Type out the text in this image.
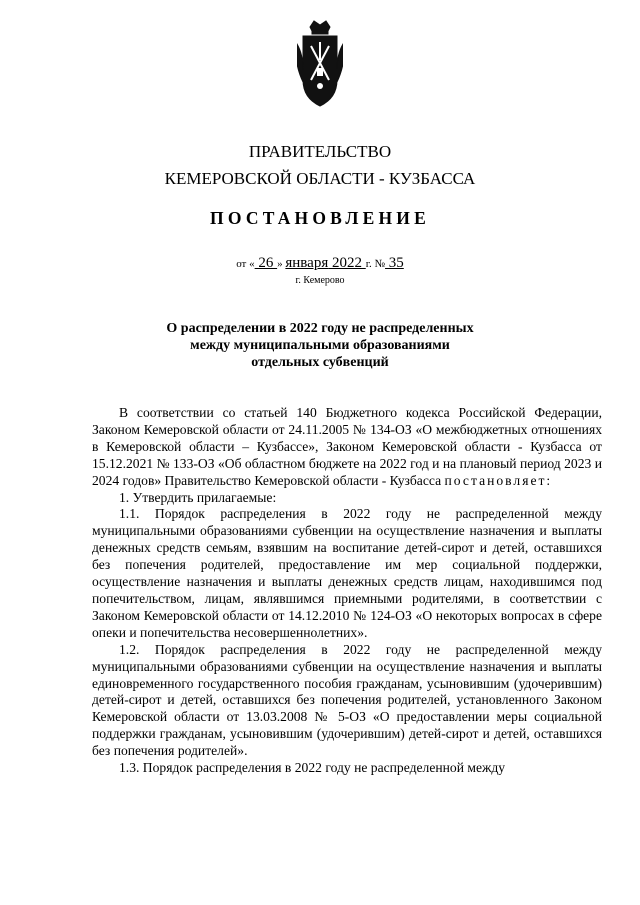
ПРАВИТЕЛЬСТВО
КЕМЕРОВСКОЙ ОБЛАСТИ - КУЗБАССА
ПОСТАНОВЛЕНИЕ
от « 26 » января 2022 г. № 35
г. Кемерово
О распределении в 2022 году не распределенных
между муниципальными образованиями
отдельных субвенций

В соответствии со статьей 140 Бюджетного кодекса Российской Федерации, Законом Кемеровской области от 24.11.2005 № 134-ОЗ «О межбюджетных отношениях в Кемеровской области – Кузбассе», Законом Кемеровской области - Кузбасса от 15.12.2021 № 133-ОЗ «Об областном бюджете на 2022 год и на плановый период 2023 и 2024 годов» Правительство Кемеровской области - Кузбасса постановляет:

1. Утвердить прилагаемые:

1.1. Порядок распределения в 2022 году не распределенной между муниципальными образованиями субвенции на осуществление назначения и выплаты денежных средств семьям, взявшим на воспитание детей-сирот и детей, оставшихся без попечения родителей, предоставление им мер социальной поддержки, осуществление назначения и выплаты денежных средств лицам, находившимся под попечительством, лицам, являвшимся приемными родителями, в соответствии с Законом Кемеровской области от 14.12.2010 № 124-ОЗ «О некоторых вопросах в сфере опеки и попечительства несовершеннолетних».

1.2. Порядок распределения в 2022 году не распределенной между муниципальными образованиями субвенции на осуществление назначения и выплаты единовременного государственного пособия гражданам, усыновившим (удочерившим) детей-сирот и детей, оставшихся без попечения родителей, установленного Законом Кемеровской области от 13.03.2008 № 5-ОЗ «О предоставлении меры социальной поддержки гражданам, усыновившим (удочерившим) детей-сирот и детей, оставшихся без попечения родителей».

1.3. Порядок распределения в 2022 году не распределенной между
